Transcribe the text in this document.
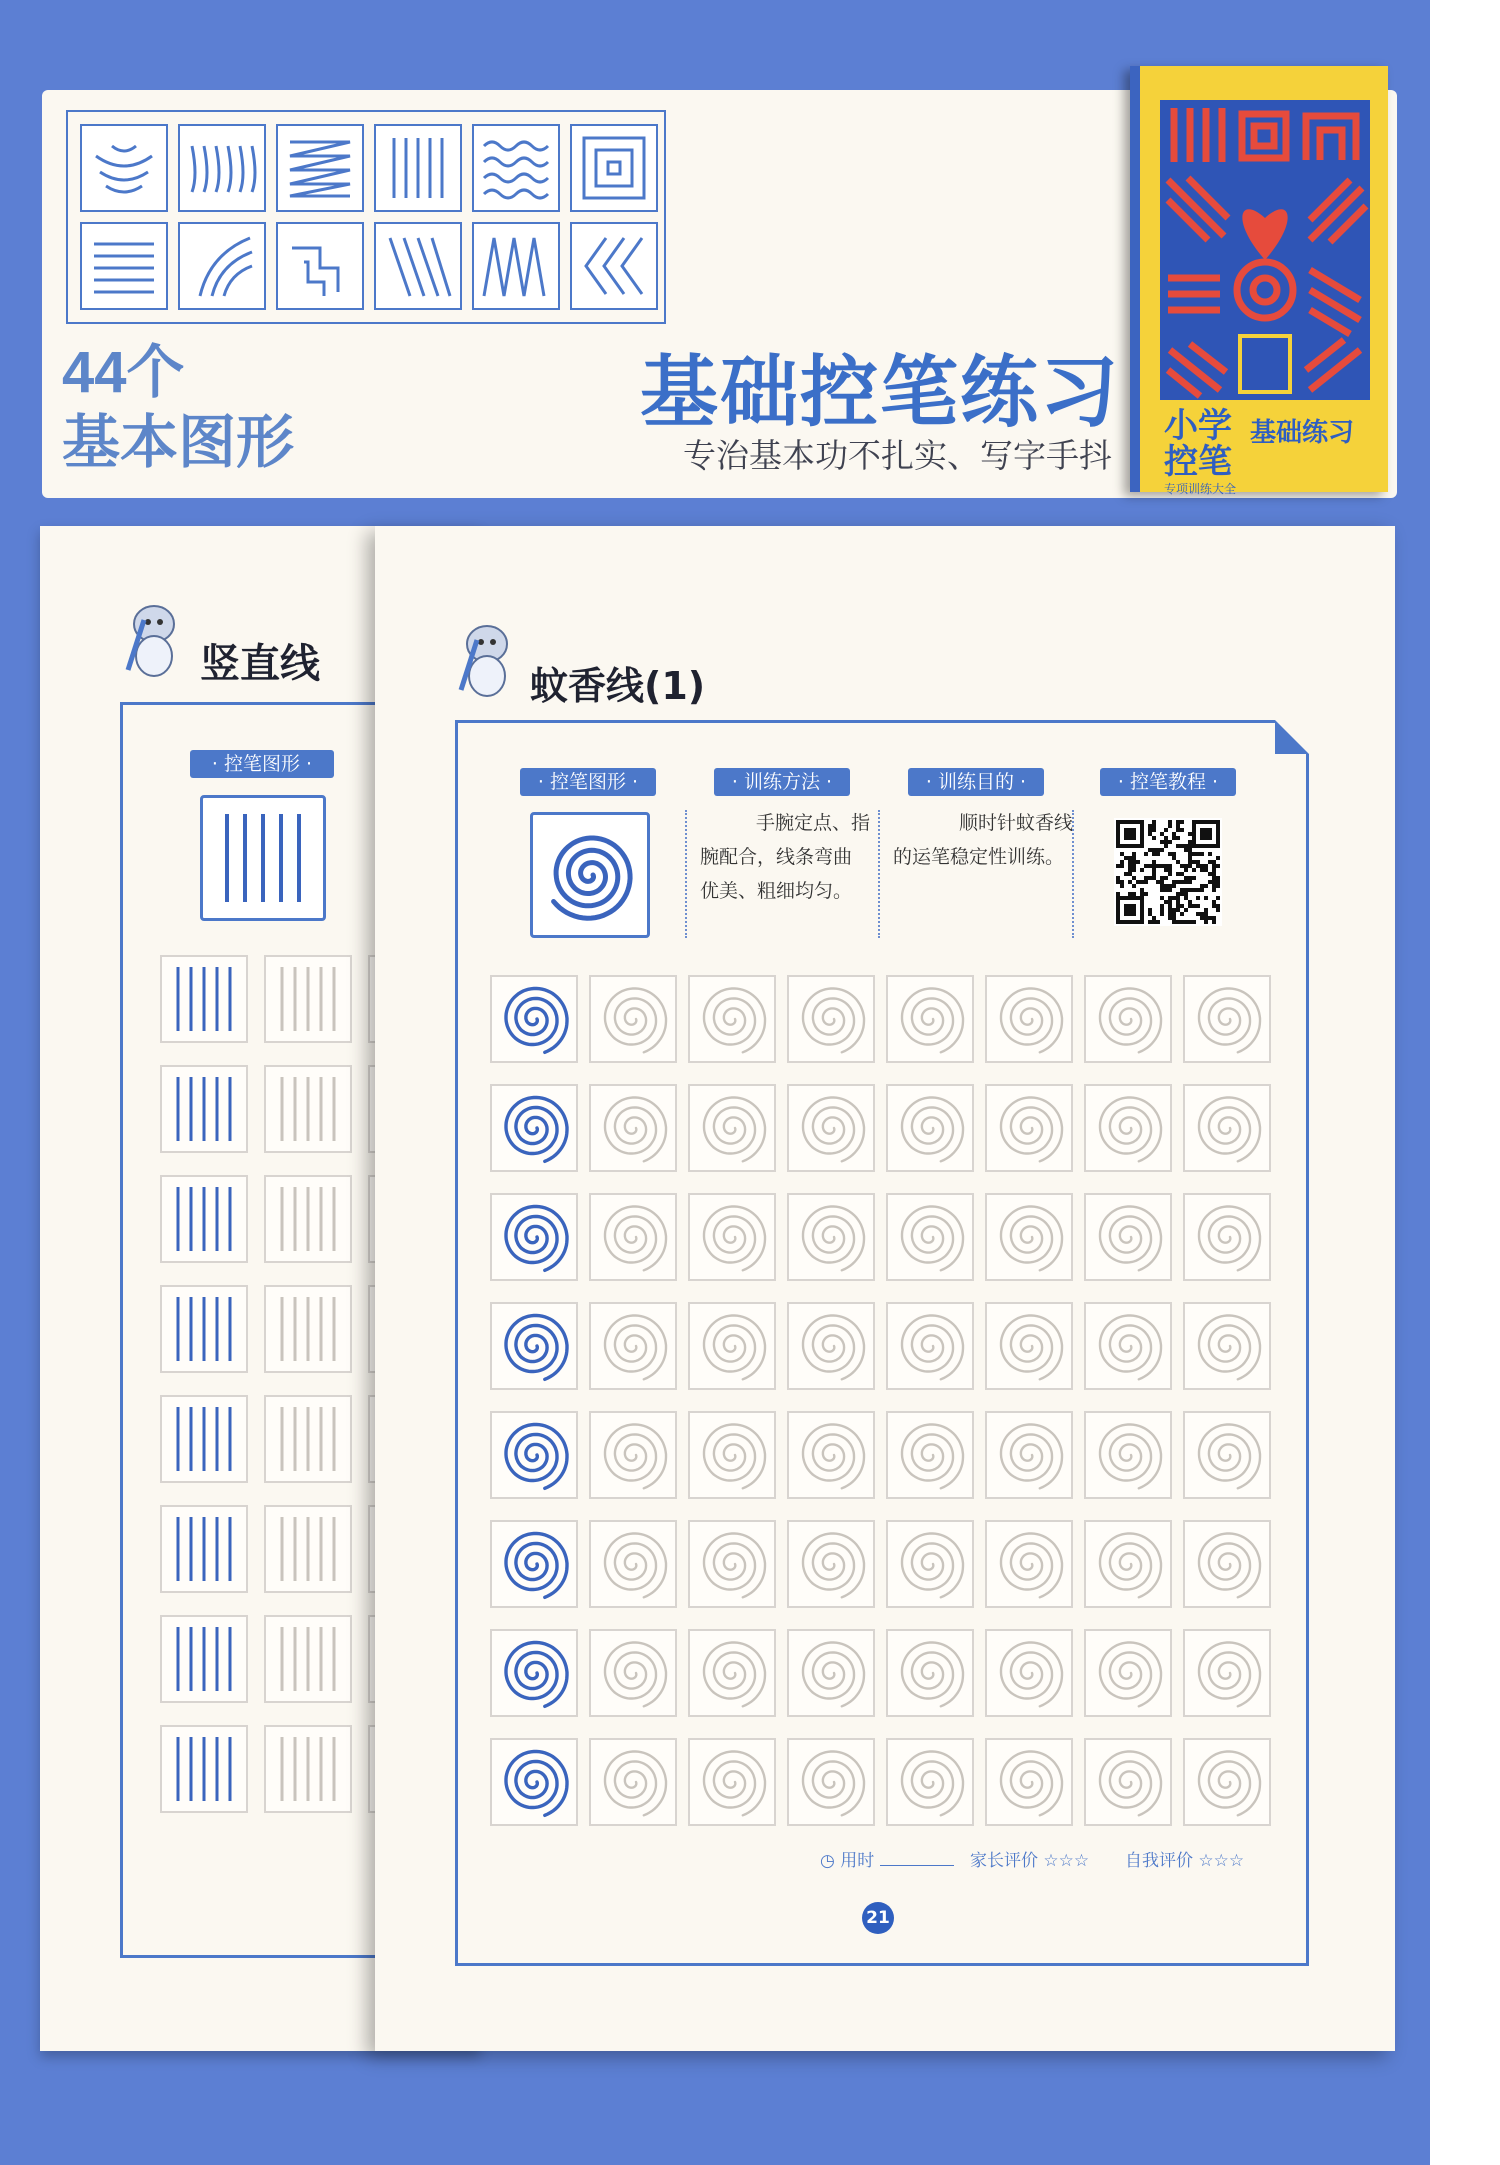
44个
基本图形
基础控笔练习
专治基本功不扎实、写字手抖
小学
控笔
基础练习
专项训练大全
竖直线
· 控笔图形 ·
蚊香线(1)
· 控笔图形 ·	· 训练方法 ·	· 训练目的 ·	· 控笔教程 ·
手腕定点、指
腕配合，线条弯曲
优美、粗细均匀。
顺时针蚊香线
的运笔稳定性训练。
◷ 用时	家长评价 ☆☆☆ 自我评价 ☆☆☆
21
